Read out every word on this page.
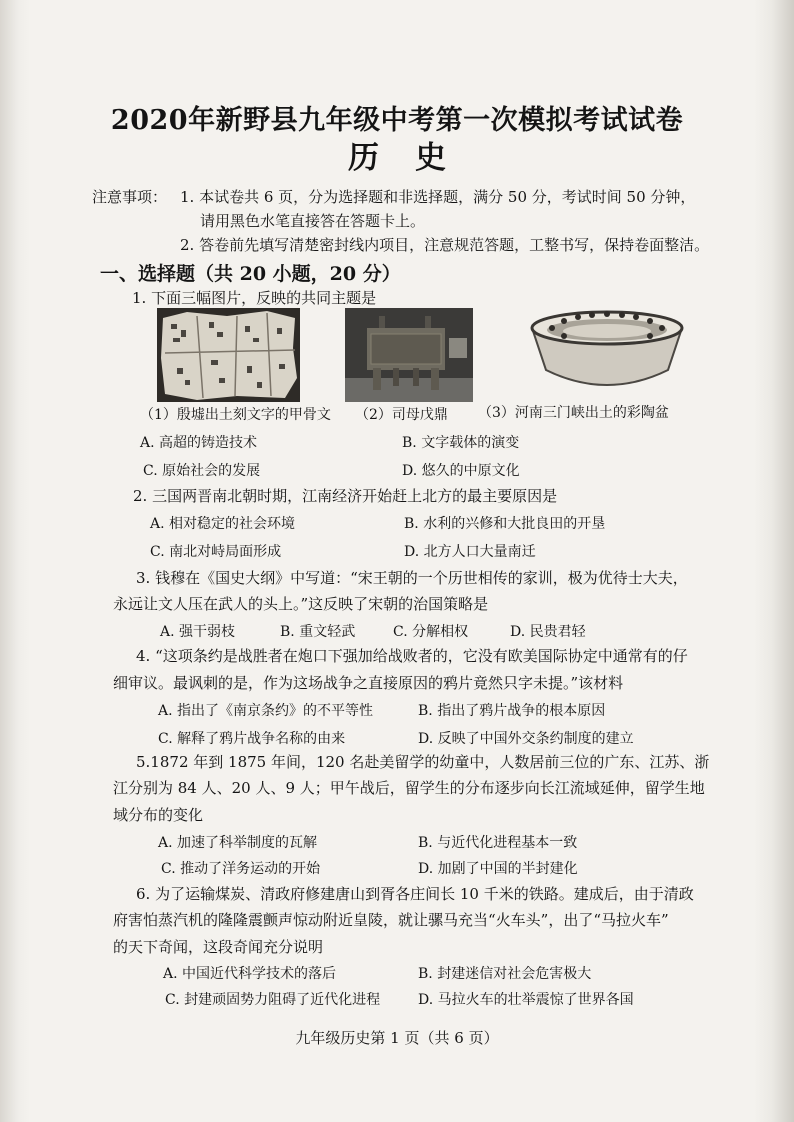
2020年新野县九年级中考第一次模拟考试试卷
历史
注意事项： 1. 本试卷共 6 页，分为选择题和非选择题，满分 50 分，考试时间 50 分钟，
请用黑色水笔直接答在答题卡上。
2. 答卷前先填写清楚密封线内项目，注意规范答题，工整书写，保持卷面整洁。
一、选择题（共 20 小题，20 分）
1. 下面三幅图片，反映的共同主题是
（1）殷墟出土刻文字的甲骨文 （2）司母戊鼎 （3）河南三门峡出土的彩陶盆
A. 高超的铸造技术	B. 文字载体的演变
C. 原始社会的发展	D. 悠久的中原文化
2. 三国两晋南北朝时期，江南经济开始赶上北方的最主要原因是
A. 相对稳定的社会环境	B. 水利的兴修和大批良田的开垦
C. 南北对峙局面形成	D. 北方人口大量南迁
3. 钱穆在《国史大纲》中写道：“宋王朝的一个历世相传的家训，极为优待士大夫，
永远让文人压在武人的头上。”这反映了宋朝的治国策略是
A. 强干弱枝	B. 重文轻武	C. 分解相权	D. 民贵君轻
4. “这项条约是战胜者在炮口下强加给战败者的，它没有欧美国际协定中通常有的仔
细审议。最讽刺的是，作为这场战争之直接原因的鸦片竟然只字未提。”该材料
A. 指出了《南京条约》的不平等性	B. 指出了鸦片战争的根本原因
C. 解释了鸦片战争名称的由来	D. 反映了中国外交条约制度的建立
5.1872 年到 1875 年间，120 名赴美留学的幼童中，人数居前三位的广东、江苏、浙
江分别为 84 人、20 人、9 人；甲午战后，留学生的分布逐步向长江流域延伸，留学生地
域分布的变化
A. 加速了科举制度的瓦解	B. 与近代化进程基本一致
C. 推动了洋务运动的开始	D. 加剧了中国的半封建化
6. 为了运输煤炭、清政府修建唐山到胥各庄间长 10 千米的铁路。建成后，由于清政
府害怕蒸汽机的隆隆震颤声惊动附近皇陵，就让骡马充当“火车头”，出了“马拉火车”
的天下奇闻，这段奇闻充分说明
A. 中国近代科学技术的落后	B. 封建迷信对社会危害极大
C. 封建顽固势力阻碍了近代化进程	D. 马拉火车的壮举震惊了世界各国
九年级历史第 1 页（共 6 页）
